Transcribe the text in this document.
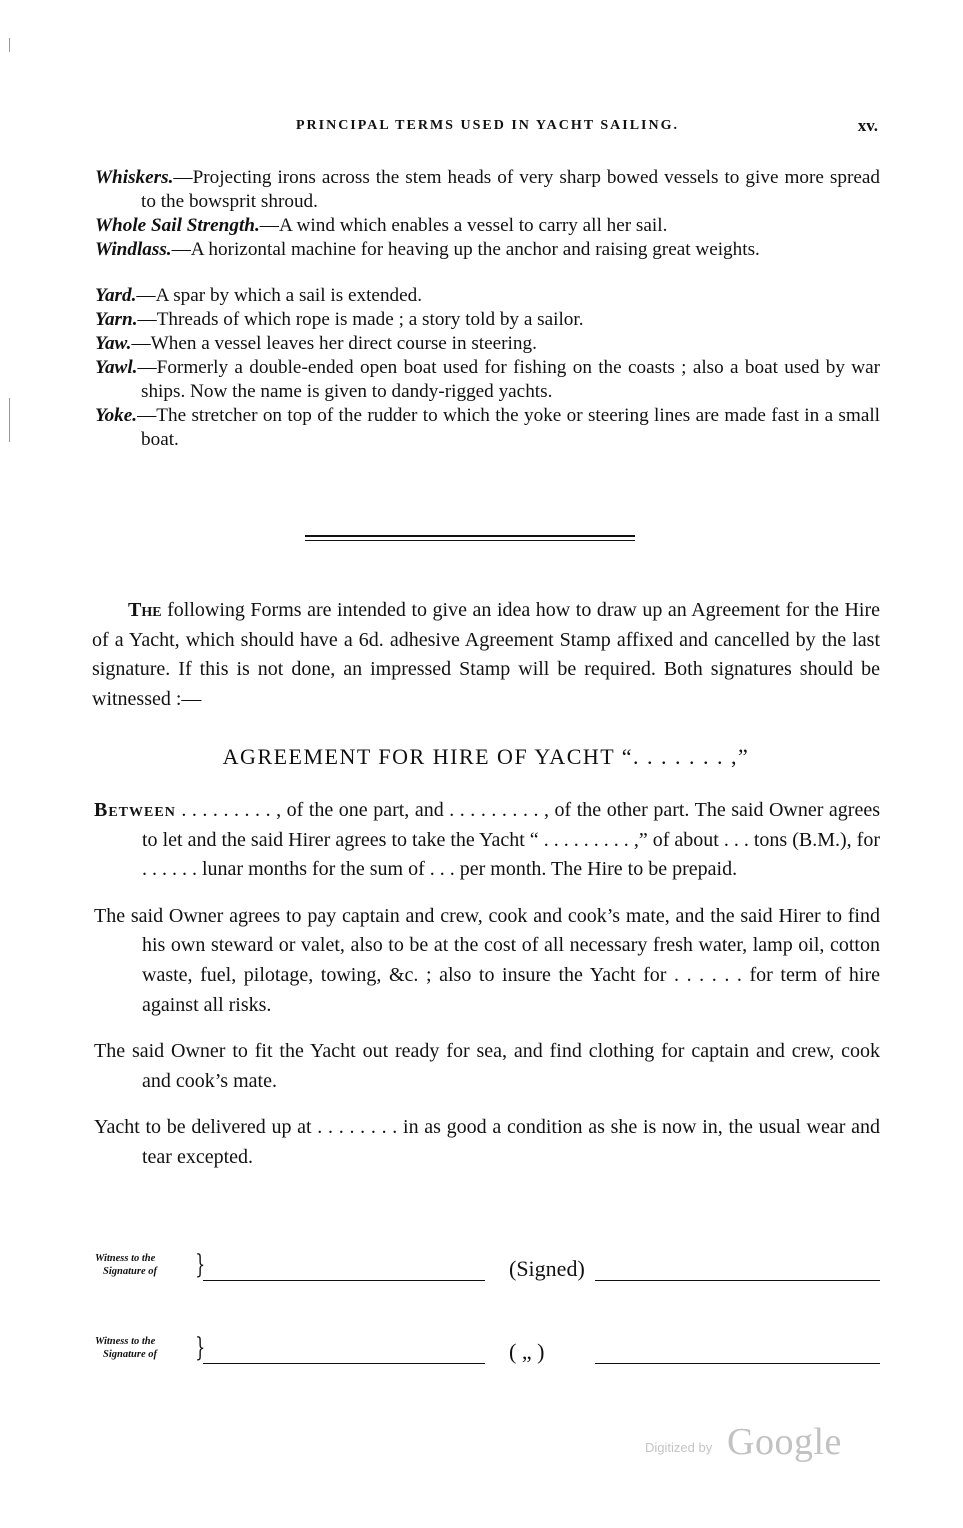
PRINCIPAL TERMS USED IN YACHT SAILING.	xv.

Whiskers.—Projecting irons across the stem heads of very sharp bowed vessels to give more spread to the bowsprit shroud.

Whole Sail Strength.—A wind which enables a vessel to carry all her sail.

Windlass.—A horizontal machine for heaving up the anchor and raising great weights.

Yard.—A spar by which a sail is extended.

Yarn.—Threads of which rope is made ; a story told by a sailor.

Yaw.—When a vessel leaves her direct course in steering.

Yawl.—Formerly a double-ended open boat used for fishing on the coasts ; also a boat used by war ships. Now the name is given to dandy-rigged yachts.

Yoke.—The stretcher on top of the rudder to which the yoke or steering lines are made fast in a small boat.

The following Forms are intended to give an idea how to draw up an Agreement for the Hire of a Yacht, which should have a 6d. adhesive Agreement Stamp affixed and cancelled by the last signature. If this is not done, an impressed Stamp will be required. Both signatures should be witnessed :—

AGREEMENT FOR HIRE OF YACHT “. . . . . . . ,”

Between . . . . . . . . . , of the one part, and . . . . . . . . . , of the other part. The said Owner agrees to let and the said Hirer agrees to take the Yacht “ . . . . . . . . . ,” of about . . . tons (B.M.), for . . . . . . lunar months for the sum of . . . per month. The Hire to be prepaid.

The said Owner agrees to pay captain and crew, cook and cook’s mate, and the said Hirer to find his own steward or valet, also to be at the cost of all necessary fresh water, lamp oil, cotton waste, fuel, pilotage, towing, &c. ; also to insure the Yacht for . . . . . . for term of hire against all risks.

The said Owner to fit the Yacht out ready for sea, and find clothing for captain and crew, cook and cook’s mate.

Yacht to be delivered up at . . . . . . . . in as good a condition as she is now in, the usual wear and tear excepted.

Witness to the
Signature of	}	(Signed)
Witness to the
Signature of	}	( „ )
Digitized by Google
